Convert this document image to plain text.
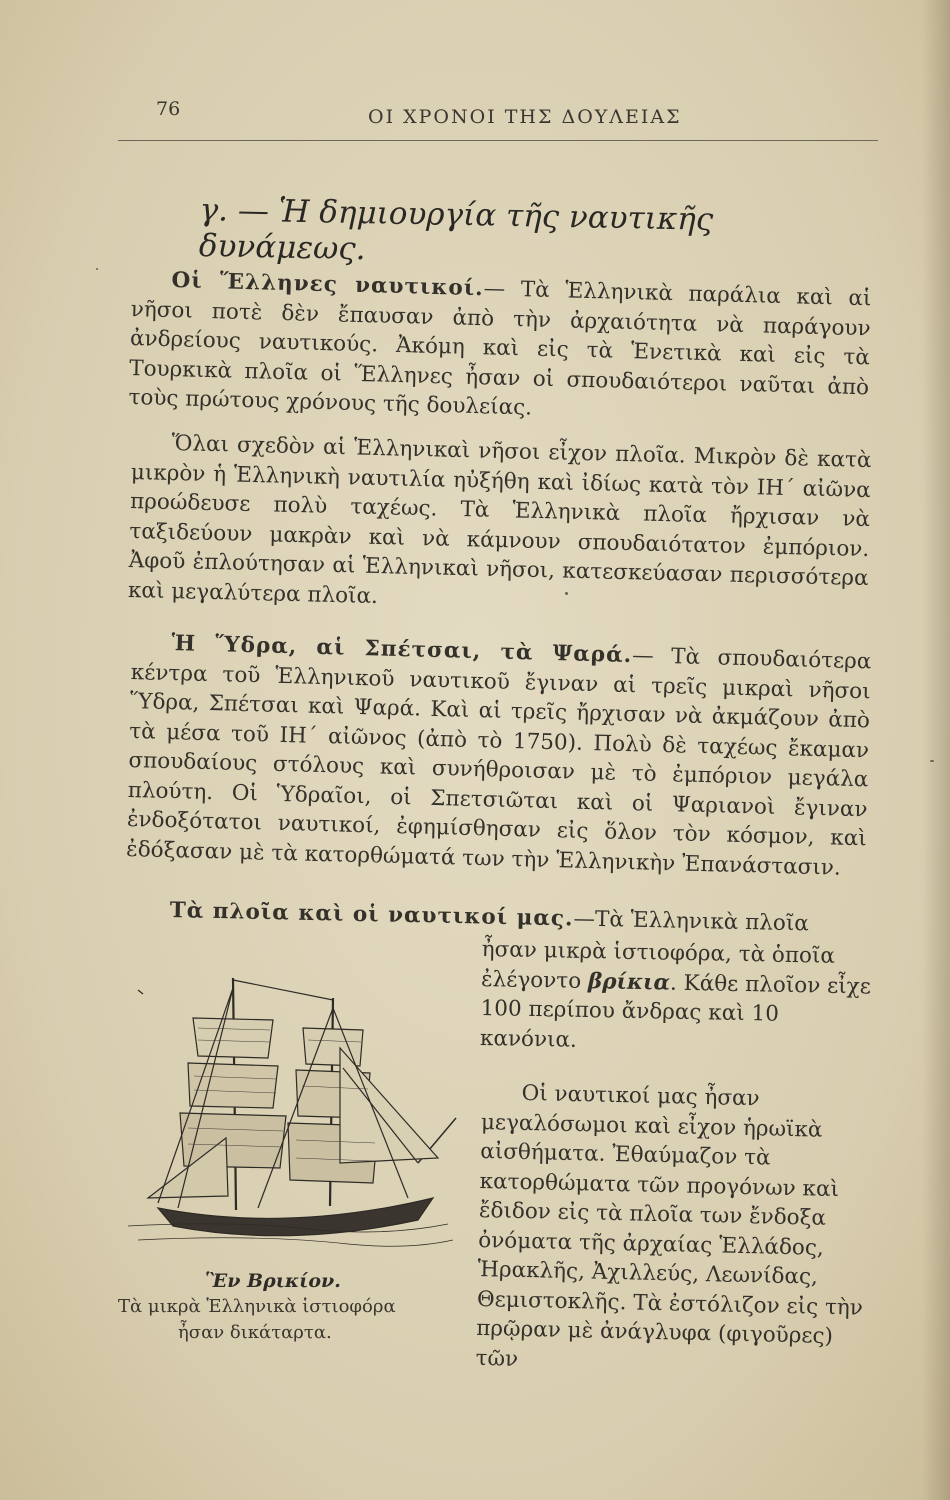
76	ΟΙ ΧΡΟΝΟΙ ΤΗΣ ΔΟΥΛΕΙΑΣ
γ. — Ἡ δημιουργία τῆς ναυτικῆς δυνάμεως.
Οἱ Ἕλληνες ναυτικοί.— Τὰ Ἑλληνικὰ παράλια καὶ αἱ νῆσοι ποτὲ δὲν ἔπαυσαν ἀπὸ τὴν ἀρχαιότητα νὰ παράγουν ἀνδρείους ναυτικούς. Ἀκόμη καὶ εἰς τὰ Ἑνετικὰ καὶ εἰς τὰ Τουρκικὰ πλοῖα οἱ Ἕλληνες ἦσαν οἱ σπουδαιότεροι ναῦται ἀπὸ τοὺς πρώτους χρόνους τῆς δουλείας.
Ὅλαι σχεδὸν αἱ Ἑλληνικαὶ νῆσοι εἶχον πλοῖα. Μικρὸν δὲ κατὰ μικρὸν ἡ Ἑλληνικὴ ναυτιλία ηὐξήθη καὶ ἰδίως κατὰ τὸν ΙΗ΄ αἰῶνα προώδευσε πολὺ ταχέως. Τὰ Ἑλληνικὰ πλοῖα ἤρχισαν νὰ ταξιδεύουν μακρὰν καὶ νὰ κάμνουν σπουδαιότατον ἐμπόριον. Ἀφοῦ ἐπλούτησαν αἱ Ἑλληνικαὶ νῆσοι, κατεσκεύασαν περισσότερα καὶ μεγαλύτερα πλοῖα.
Ἡ Ὕδρα, αἱ Σπέτσαι, τὰ Ψαρά.— Τὰ σπουδαιότερα κέντρα τοῦ Ἑλληνικοῦ ναυτικοῦ ἔγιναν αἱ τρεῖς μικραὶ νῆσοι Ὕδρα, Σπέτσαι καὶ Ψαρά. Καὶ αἱ τρεῖς ἤρχισαν νὰ ἀκμάζουν ἀπὸ τὰ μέσα τοῦ ΙΗ΄ αἰῶνος (ἀπὸ τὸ 1750). Πολὺ δὲ ταχέως ἔκαμαν σπουδαίους στόλους καὶ συνήθροισαν μὲ τὸ ἐμπόριον μεγάλα πλούτη. Οἱ Ὑδραῖοι, οἱ Σπετσιῶται καὶ οἱ Ψαριανοὶ ἔγιναν ἐνδοξότατοι ναυτικοί, ἐφημίσθησαν εἰς ὅλον τὸν κόσμον, καὶ ἐδόξασαν μὲ τὰ κατορθώματά των τὴν Ἑλληνικὴν Ἐπανάστασιν.
Τὰ πλοῖα καὶ οἱ ναυτικοί μας.—Τὰ Ἑλληνικὰ πλοῖα
ἦσαν μικρὰ ἱστιοφόρα, τὰ ὁποῖα ἐλέγοντο βρίκια. Κάθε πλοῖον εἶχε 100 περίπου ἄνδρας καὶ 10 κανόνια.
Οἱ ναυτικοί μας ἦσαν μεγαλόσωμοι καὶ εἶχον ἡρωϊκὰ αἰσθήματα. Ἐθαύμαζον τὰ κατορθώματα τῶν προγόνων καὶ ἔδιδον εἰς τὰ πλοῖα των ἔνδοξα ὀνόματα τῆς ἀρχαίας Ἑλλάδος, Ἡρακλῆς, Ἀχιλλεύς, Λεωνίδας, Θεμιστοκλῆς. Τὰ ἐστόλιζον εἰς τὴν πρῷραν μὲ ἀνάγλυφα (φιγοῦρες) τῶν
Ἓν Βρικίον.
Τὰ μικρὰ Ἑλληνικὰ ἱστιοφόρα
ἦσαν δικάταρτα.
